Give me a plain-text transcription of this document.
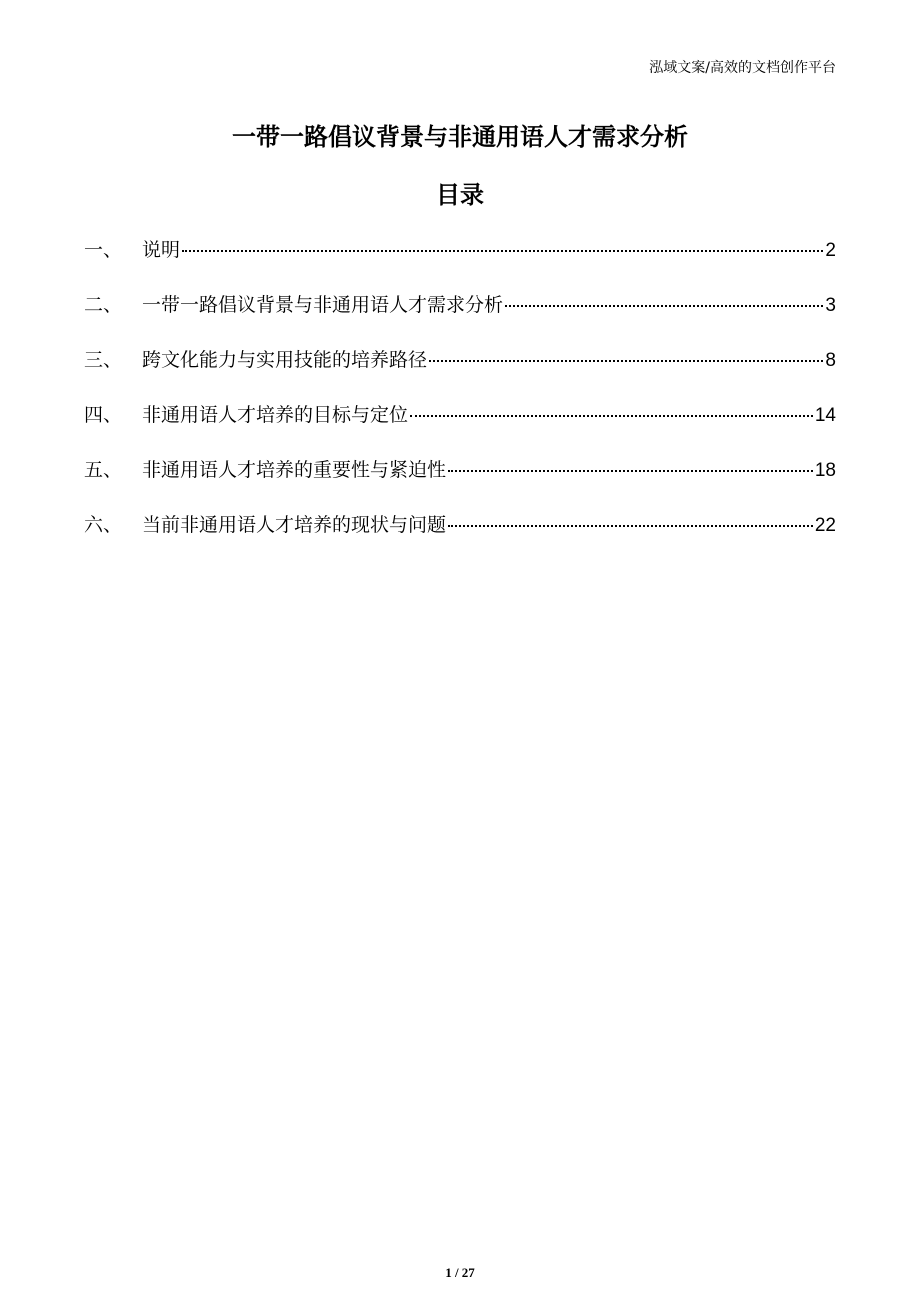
泓域文案/高效的文档创作平台
一带一路倡议背景与非通用语人才需求分析
目录
一、	说明	2
二、	一带一路倡议背景与非通用语人才需求分析	3
三、	跨文化能力与实用技能的培养路径	8
四、	非通用语人才培养的目标与定位	14
五、	非通用语人才培养的重要性与紧迫性	18
六、	当前非通用语人才培养的现状与问题	22
1 / 27
